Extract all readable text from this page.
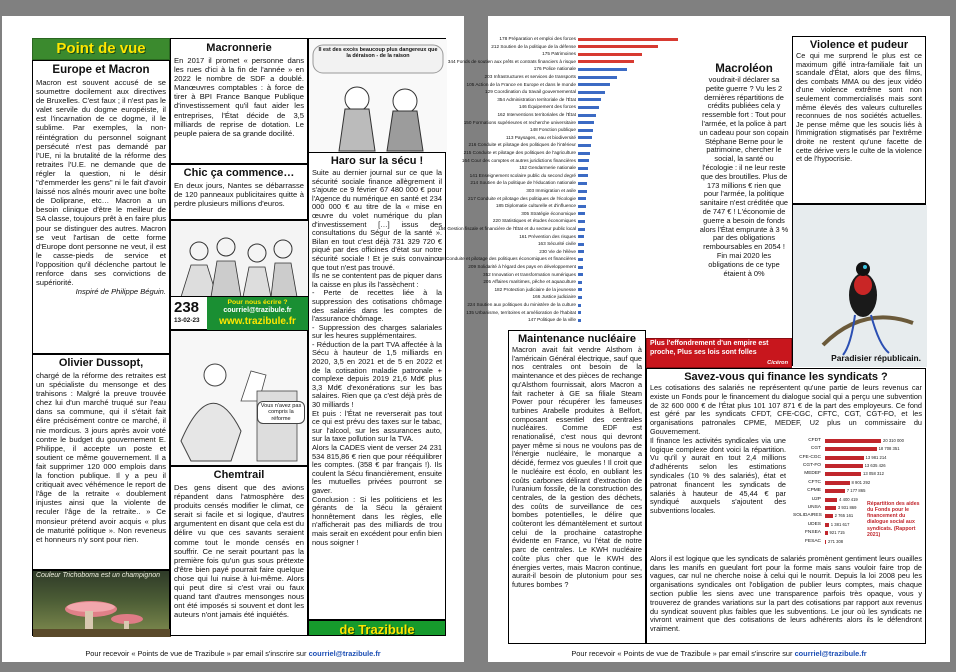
Point de vue
Europe et Macron

Macron est souvent accusé de se soumettre docilement aux directives de Bruxelles. C'est faux ; il n'est pas le valet servile du dogme européiste, il est l'incarnation de ce dogme, il le sublime. Par exemples, la non-réintégration du personnel soignant persécuté n'est pas demandé par l'UE, ni la brutalité de la réforme des retraites l'U.E. ne demande que de régler la question, ni le désir "d'emmerder les gens" ni le fait d'avoir laissé nos aînés mourir avec une boîte de Doliprane, etc… Macron a un besoin clinique d'être le meilleur de SA classe, toujours prêt à en faire plus pour se distinguer des autres. Macron se veut l'artisan de cette forme d'Europe dont personne ne veut, il est le casse-pieds de service et l'opposition qu'il déclenche partout le renforce dans ses convictions de supériorité.

Inspiré de Philippe Béguin.
Olivier Dussopt,
chargé de la réforme des retraites est un spécialiste du mensonge et des trahisons : Malgré la preuve trouvée chez lui d'un marché truqué sur l'eau dans sa commune, qui il s'était fait élire précisément contre ce marché, il nie mordicus. 3 jours après avoir voté contre le budget du gouvernement E. Philippe, il accepte un poste et soutient ce même gouvernement. Il a fait supprimer 120 000 emplois dans la fonction publique. Il y a peu il critiquait avec véhémence le report de l'âge de la retraite « doublement injustes ainsi que la violente de reculer l'âge de la retraite.. » Ce monsieur prétend avoir acquis « plus de maturité politique ». Non reveneus et honneurs n'y sont pour rien.
Couleur Trichoboma est un champignon
Macronnerie
En 2017 il promet « personne dans les rues d'ici à la fin de l'année » en 2022 le nombre de SDF a doublé. Manœuvres comptables : à force de tirer à BPI France Banque Publique d'investissement qu'il faut aider les entreprises, l'État décide de 3,5 milliards de reprise de dotation. Le peuple paiera de sa grande docilité.
Chic ça commence…
En deux jours, Nantes se débarrasse de 120 panneaux publicitaires quitte à perdre plusieurs millions d'euros.
238
13-02-23
Pour nous écrire ?
courriel@trazibule.fr
www.trazibule.fr
Vous n'avez pas compris la réforme
Chemtrail
Des gens disent que des avions répandent dans l'atmosphère des produits censés modifier le climat, ce serait si facile et si logique, d'autres argumentent en disant que cela est du délire vu que ces savants seraient comme tout le monde censés en souffrir. Ce ne serait pourtant pas la première fois qu'un gus sous prétexte d'être bien payé pourrait faire quelque chose qui lui nuise à lui-même. Alors qui peut dire si c'est vrai ou faux quand tant d'autres mensonges nous ont été imposés si souvent et dont les auteurs n'ont jamais été inquiétés.
Il est des excès beaucoup plus dangereux que la déraison - de la raison
Haro sur la sécu !

Suite au dernier journal sur ce que la sécurité sociale finance allègrement il s'ajoute ce 9 février 67 480 000 € pour l'Agence du numérique en santé et 234 000 000 € au titre de la « mise en œuvre du volet numérique du plan d'investissement […] issus des consultations du Ségur de la santé ». Bilan en tout c'est déjà 731 329 720 € piqué par des officines d'état sur notre sécurité sociale ! Et je suis convaincu que tout n'est pas trouvé.

Ils ne se contentent pas de piquer dans la caisse en plus ils l'assèchent :

- Perte de recettes liée à la suppression des cotisations chômage des salariés dans les comptes de l'assurance chômage.

- Suppression des charges salariales sur les heures supplémentaires.

- Réduction de la part TVA affectée à la Sécu à hauteur de 1,5 milliards en 2020, 3,5 en 2021 et de 5 en 2022 et de la cotisation maladie patronale + complexe depuis 2019 21,6 Md€ plus 3,3 Md€ d'exonérations sur les bas salaires. Rien que ça c'est déjà près de 30 milliards !

Et puis : l'État ne reverserait pas tout ce qui est prévu des taxes sur le tabac, sur l'alcool, sur les assurances auto, sur la taxe pollution sur la TVA.

Alors la CADES vient de verser 24 231 534 815,86 € rien que pour rééquilibrer les comptes. (358 € par français !). Ils coulent la Sécu financièrement, ensuite les mutuelles privées pourront se gaver.

Conclusion : Si les politiciens et les gérants de la Sécu la géraient honnêtement dans les règles, elle n'afficherait pas des milliards de trou mais serait en excédent pour enfin bien nous soigner !

de Trazibule
Pour recevoir « Points de vue de Trazibule » par email s'inscrire sur courriel@trazibule.fr
178 Préparation et emploi des forces
212 Soutien de la politique de la défense
175 Patrimoines
344 Fonds de soutien aux prêts et contrats financiers à risque
176 Police nationale
203 Infrastructures et services de transports
105 Action de la France en Europe et dans le monde
129 Coordination du travail gouvernemental
354 Administration territoriale de l'État
146 Équipement des forces
162 Interventions territoriales de l'État
150 Formations supérieures et recherche universitaire
148 Fonction publique
113 Paysages, eau et biodiversité
216 Conduite et pilotage des politiques de l'intérieur
215 Conduite et pilotage des politiques de l'agriculture
164 Cour des comptes et autres juridictions financières
152 Gendarmerie nationale
141 Enseignement scolaire public du second degré
214 Soutien de la politique de l'éducation nationale
303 Immigration et asile
217 Conduite et pilotage des politiques de l'écologie
185 Diplomatie culturelle et d'influence
305 Stratégie économique
220 Statistiques et études économiques
156 Gestion fiscale et financière de l'État et du secteur public local
161 Prévention des risques
163 Sécurité civile
230 Vie de l'élève
218 Conduite et pilotage des politiques économiques et financières
209 Solidarité à l'égard des pays en développement
352 Innovation et transformation numériques
205 Affaires maritimes, pêche et aquaculture
182 Protection judiciaire de la jeunesse
166 Justice judiciaire
224 Soutien aux politiques du ministère de la culture
135 Urbanisme, territoires et amélioration de l'habitat
147 Politique de la ville
Macroléon
voudrait-il déclarer sa petite guerre ? Vu les 2 dernières répartitions de crédits publiées cela y ressemble fort : Tout pour l'armée, et la police à part un cadeau pour son copain Stéphane Berne pour le patrimoine, chercher le social, la santé ou l'écologie : il ne leur reste que des broutilles. Plus de 173 millions € rien que pour l'armée, la politique sanitaire n'est créditée que de 747 € ! L'économie de guerre a besoin de fonds alors l'État emprunte à 3 % par des obligations remboursables en 2054 ! Fin mai 2020 les obligations de ce type étaient à 0%
Violence et pudeur
Ce qui me surprend le plus est ce maximum giflé intra-familiale fait un scandale d'État, alors que des films, des combats MMA ou des jeux vidéo d'une violence extrême sont non seulement commercialisés mais sont même élevés des valeurs culturelles reconnues de nos sociétés actuelles. Je pense même que les soucis liés à l'immigration stigmatisés par l'extrême droite ne restent qu'une facette de cette dérive vers le culte de la violence et de l'hypocrisie.
Paradisier républicain.
Maintenance nucléaire
Macron avait fait vendre Alsthom à l'américain Général électrique, sauf que nos centrales ont besoin de la maintenance et des pièces de rechange qu'Alsthom fournissait, alors Macron a fait racheter à GE sa filiale Steam Power pour récupérer les fameuses turbines Arabelle produites à Belfort, composant essentiel des centrales nucléaires. Comme EDF est renationalisé, c'est nous qui devront payer même si nous ne voulons pas de l'énergie nucléaire, le monarque a décidé, fermez vos gueules ! Il croit que le nucléaire est écolo, en oubliant les coûts carbones délirant d'extraction de l'uranium fossile, de la construction des centrales, de la gestion des déchets, des coûts de surveillance de ces bombes potentielles, le délire que coûteront les démantèlement et surtout celui de la prochaine catastrophe évidente en France, vu l'état de notre parc de centrales. Le KWH nucléaire coûte plus cher que le KWH des énergies vertes, mais Macron continue, aurait-il besoin de plutonium pour ses futures bombes ?
Plus l'effondrement d'un empire est proche, Plus ses lois sont folles
Cicéron
Savez-vous qui finance les syndicats ?
Les cotisations des salariés ne représentent qu'une partie de leurs revenus car existe un Fonds pour le financement du dialogue social qui a perçu une subvention de 32 600 000 € de l'État plus 101 107 871 € de la part des employeurs. Ce fond est géré par les syndicats CFDT, CFE-CGC, CFTC, CGT, CGT-FO, et les organisations patronales CPME, MEDEF, U2 plus un commissaire du Gouvernement.
Il finance les activités syndicales via une logique complexe dont voici la répartition. Vu qu'il y aurait en tout 2,4 millions d'adhérents selon les estimations syndicales (10 % des salariés), état et patronat financent les syndicats de salariés à hauteur de 45,44 € par syndiqué auxquels s'ajoutent des subventions locales.
CFDT	20 310 000
CGT	18 708 351
CFE-CGC	13 981 214
CGT-FO	13 635 426
MEDEF	13 058 312
CFTC	8 901 292
CPME	7 177 865
U2P	4 400 419
UNSA	3 931 869
SOLIDAIRES	2 765 161
UDES 1 381 617
FNSEA 921 715
FESAC 271 308
Répartition des aides du Fonds pour le financement du dialogue social aux syndicats. (Rapport 2021)
Alors il est logique que les syndicats de salariés promènent gentiment leurs ouailles dans les manifs en gueulant fort pour la forme mais sans vouloir faire trop de vagues, car nul ne cherche noise à celui qui le nourrit. Depuis la loi 2008 peu les organisations syndicales ont l'obligation de publier leurs comptes, mais chaque section publie les siens avec une transparence parfois très opaque, vous y trouverez de grandes variations sur la part des cotisations par rapport aux revenus du syndicat souvent plus faibles que les subventions. Le jour où les syndicats ne vivront vraiment que des cotisations de leurs adhérents alors ils le défendront vraiment.
Pour recevoir « Points de vue de Trazibule » par email s'inscrire sur courriel@trazibule.fr
